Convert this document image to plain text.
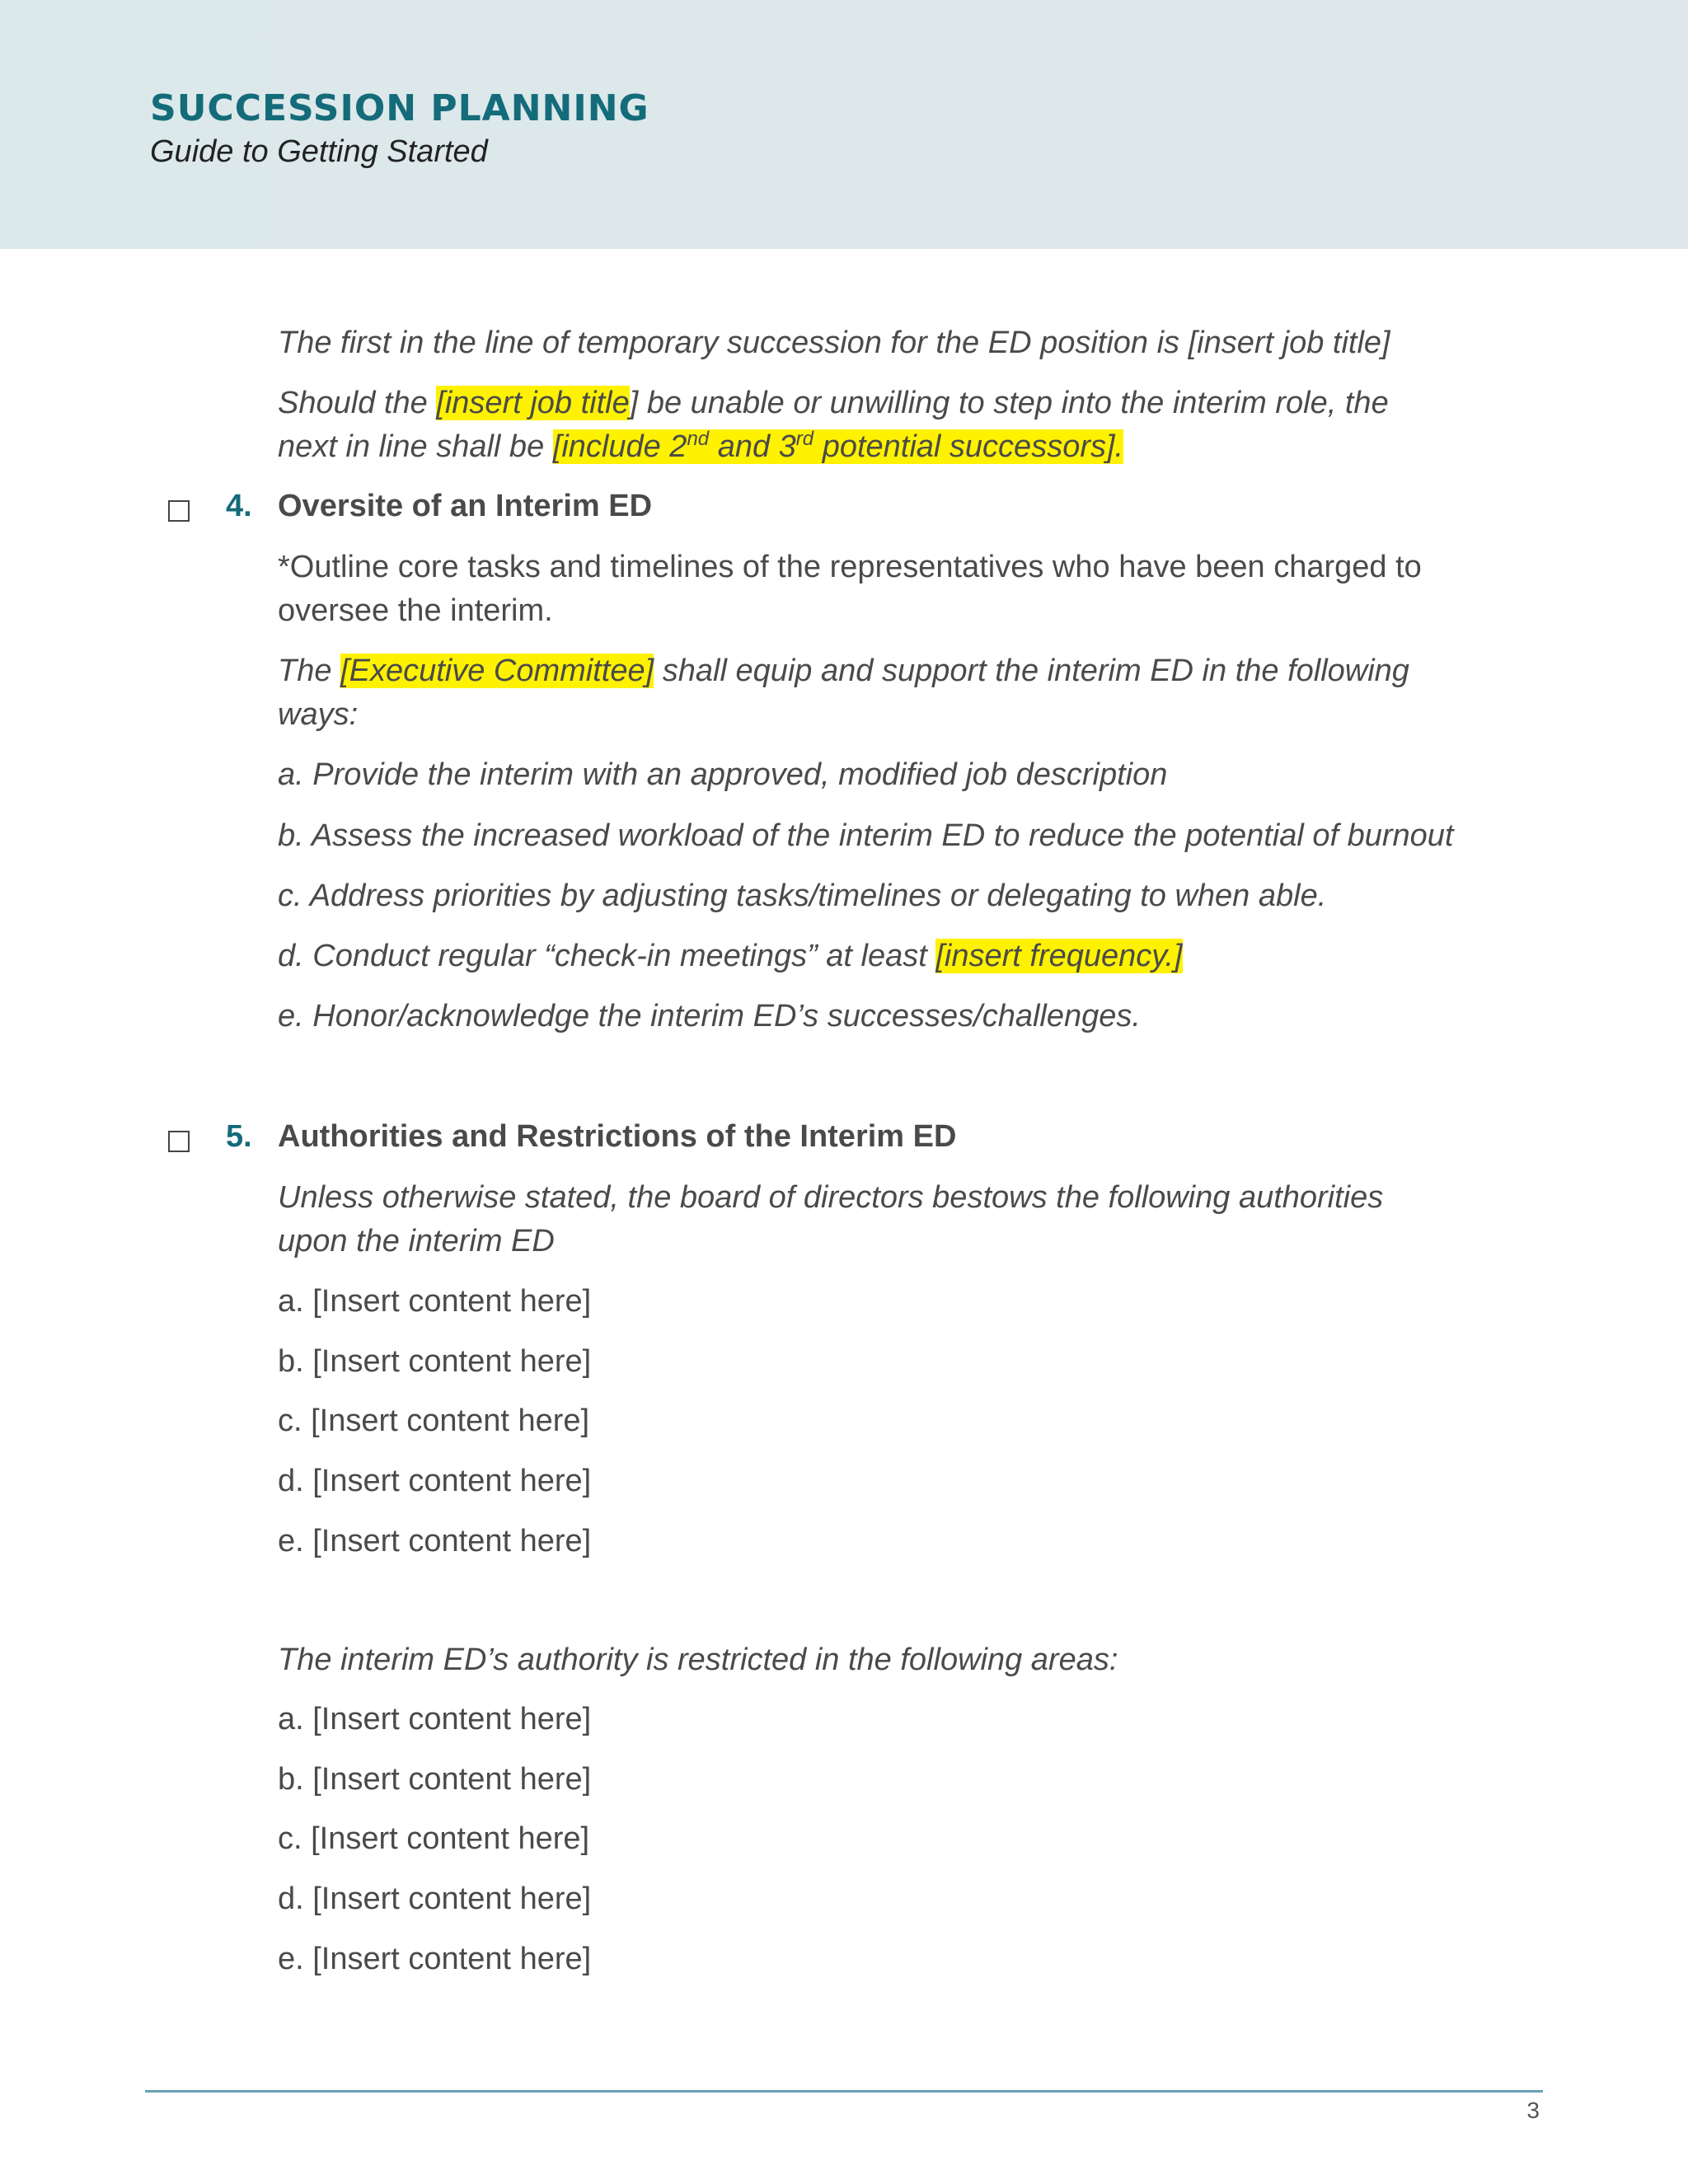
SUCCESSION PLANNING
Guide to Getting Started
The first in the line of temporary succession for the ED position is [insert job title]
Should the [insert job title] be unable or unwilling to step into the interim role, the
next in line shall be [include 2nd and 3rd potential successors].
4. Oversite of an Interim ED
*Outline core tasks and timelines of the representatives who have been charged to
oversee the interim.
The [Executive Committee] shall equip and support the interim ED in the following
ways:
a. Provide the interim with an approved, modified job description
b. Assess the increased workload of the interim ED to reduce the potential of burnout
c. Address priorities by adjusting tasks/timelines or delegating to when able.
d. Conduct regular “check-in meetings” at least [insert frequency.]
e. Honor/acknowledge the interim ED’s successes/challenges.
5. Authorities and Restrictions of the Interim ED
Unless otherwise stated, the board of directors bestows the following authorities
upon the interim ED
a. [Insert content here]
b. [Insert content here]
c. [Insert content here]
d. [Insert content here]
e. [Insert content here]
The interim ED’s authority is restricted in the following areas:
a. [Insert content here]
b. [Insert content here]
c. [Insert content here]
d. [Insert content here]
e. [Insert content here]
3
